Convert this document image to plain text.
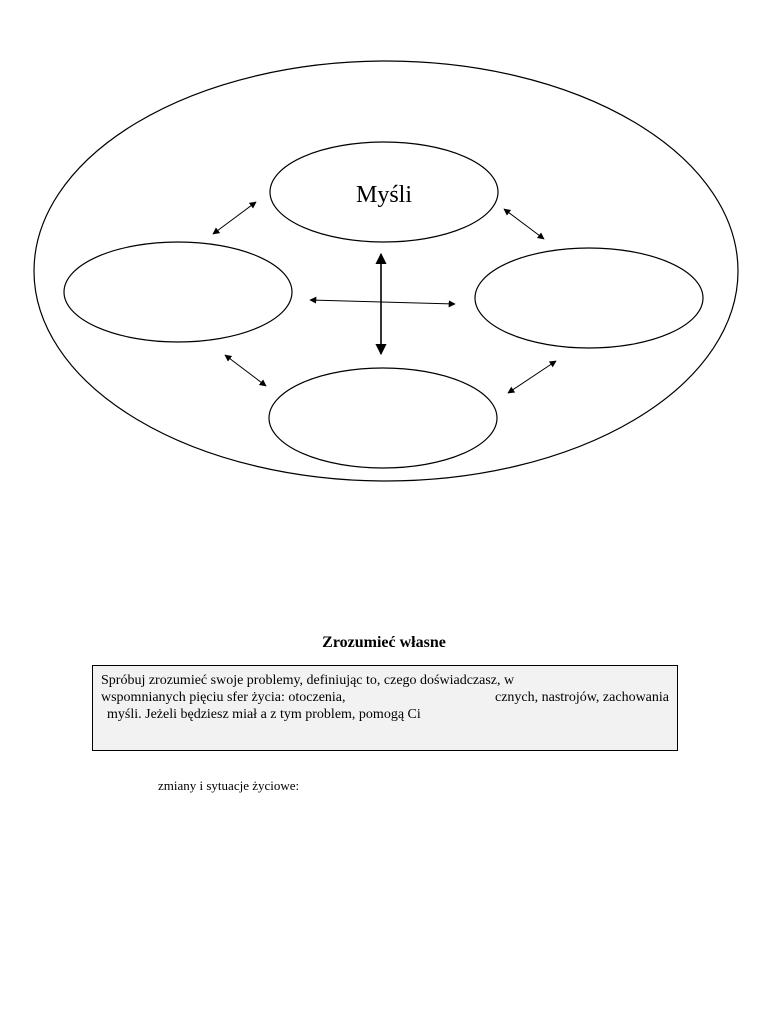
Myśli
Zrozumieć własne
Spróbuj zrozumieć swoje problemy, definiując to, czego doświadczasz, w
wspomnianych pięciu sfer życia: otoczenia,	cznych, nastrojów, zachowania
myśli. Jeżeli będziesz miał a z tym problem, pomogą Ci
zmiany i sytuacje życiowe:
